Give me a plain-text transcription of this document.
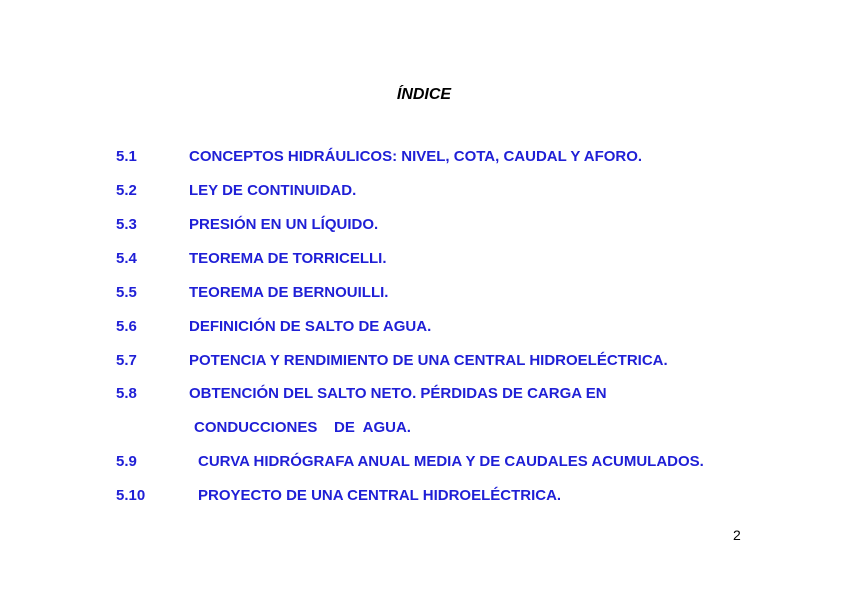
ÍNDICE
5.1	CONCEPTOS HIDRÁULICOS: NIVEL, COTA, CAUDAL Y AFORO.
5.2	LEY DE CONTINUIDAD.
5.3	PRESIÓN EN UN LÍQUIDO.
5.4	TEOREMA DE TORRICELLI.
5.5	TEOREMA DE BERNOUILLI.
5.6	DEFINICIÓN DE SALTO DE AGUA.
5.7	POTENCIA Y RENDIMIENTO DE UNA CENTRAL HIDROELÉCTRICA.
5.8	OBTENCIÓN DEL SALTO NETO. PÉRDIDAS DE CARGA EN
CONDUCCIONES    DE  AGUA.
5.9	CURVA HIDRÓGRAFA ANUAL MEDIA Y DE CAUDALES ACUMULADOS.
5.10	PROYECTO DE UNA CENTRAL HIDROELÉCTRICA.
2
